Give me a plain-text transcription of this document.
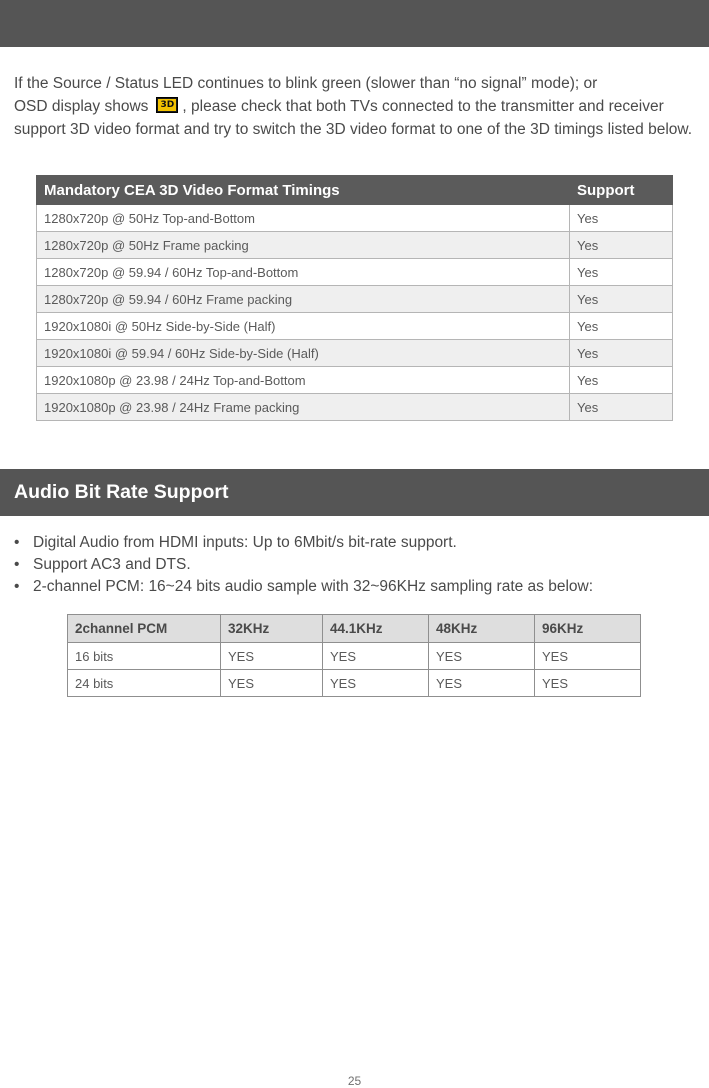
If the Source / Status LED continues to blink green (slower than “no signal” mode); or
OSD display shows 3D , please check that both TVs connected to the transmitter and receiver support 3D video format and try to switch the 3D video format to one of the 3D timings listed below.

Mandatory CEA 3D Video Format Timings	Support
1280x720p @ 50Hz Top-and-Bottom	Yes
1280x720p @ 50Hz Frame packing	Yes
1280x720p @ 59.94 / 60Hz Top-and-Bottom	Yes
1280x720p @ 59.94 / 60Hz Frame packing	Yes
1920x1080i @ 50Hz Side-by-Side (Half)	Yes
1920x1080i @ 59.94 / 60Hz Side-by-Side (Half)	Yes
1920x1080p @ 23.98 / 24Hz Top-and-Bottom	Yes
1920x1080p @ 23.98 / 24Hz Frame packing	Yes
Audio Bit Rate Support
• Digital Audio from HDMI inputs: Up to 6Mbit/s bit-rate support.
• Support AC3 and DTS.
• 2-channel PCM: 16~24 bits audio sample with 32~96KHz sampling rate as below:
2channel PCM	32KHz	44.1KHz	48KHz	96KHz
16 bits	YES	YES	YES	YES
24 bits	YES	YES	YES	YES
25
